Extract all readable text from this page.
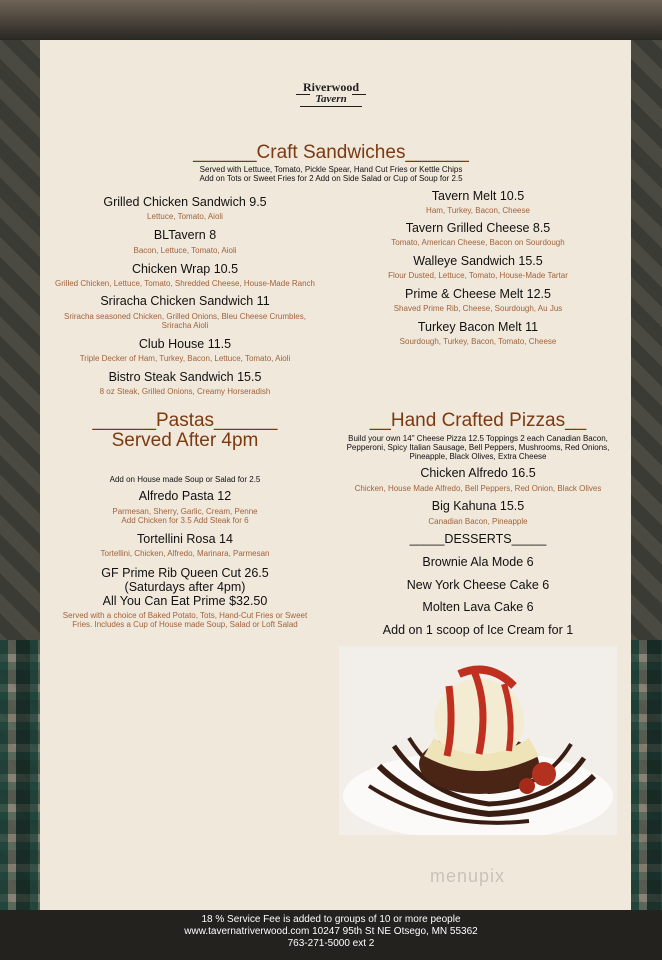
Riverwood
Tavern
______Craft Sandwiches______
Served with Lettuce, Tomato, Pickle Spear, Hand Cut Fries or Kettle Chips
Add on Tots or Sweet Fries for 2 Add on Side Salad or Cup of Soup for 2.5
Grilled Chicken Sandwich 9.5
Lettuce, Tomato, Aioli
BLTavern 8
Bacon, Lettuce, Tomato, Aioli
Chicken Wrap 10.5
Grilled Chicken, Lettuce, Tomato, Shredded Cheese, House-Made Ranch
Sriracha Chicken Sandwich 11
Sriracha seasoned Chicken, Grilled Onions, Bleu Cheese Crumbles,
Sriracha Aioli
Club House 11.5
Triple Decker of Ham, Turkey, Bacon, Lettuce, Tomato, Aioli
Bistro Steak Sandwich 15.5
8 oz Steak, Grilled Onions, Creamy Horseradish
Tavern Melt 10.5
Ham, Turkey, Bacon, Cheese
Tavern Grilled Cheese 8.5
Tomato, American Cheese, Bacon on Sourdough
Walleye Sandwich 15.5
Flour Dusted, Lettuce, Tomato, House-Made Tartar
Prime & Cheese Melt 12.5
Shaved Prime Rib, Cheese, Sourdough, Au Jus
Turkey Bacon Melt 11
Sourdough, Turkey, Bacon, Tomato, Cheese
______Pastas______
Served After 4pm
Add on House made Soup or Salad for 2.5
Alfredo Pasta 12
Parmesan, Sherry, Garlic, Cream, Penne
Add Chicken for 3.5 Add Steak for 6
Tortellini Rosa 14
Tortellini, Chicken, Alfredo, Marinara, Parmesan
GF Prime Rib Queen Cut 26.5
(Saturdays after 4pm)
All You Can Eat Prime $32.50
Served with a choice of Baked Potato, Tots, Hand-Cut Fries or Sweet
Fries. Includes a Cup of House made Soup, Salad or Loft Salad
__Hand Crafted Pizzas__
Build your own 14" Cheese Pizza 12.5 Toppings 2 each Canadian Bacon,
Pepperoni, Spicy Italian Sausage, Bell Peppers, Mushrooms, Red Onions,
Pineapple, Black Olives, Extra Cheese
Chicken Alfredo 16.5
Chicken, House Made Alfredo, Bell Peppers, Red Onion, Black Olives
Big Kahuna 15.5
Canadian Bacon, Pineapple
_____DESSERTS_____
Brownie Ala Mode 6
New York Cheese Cake 6
Molten Lava Cake 6
Add on 1 scoop of Ice Cream for 1
menupix
18 % Service Fee is added to groups of 10 or more people
www.tavernatriverwood.com 10247 95th St NE Otsego, MN 55362
763-271-5000 ext 2
